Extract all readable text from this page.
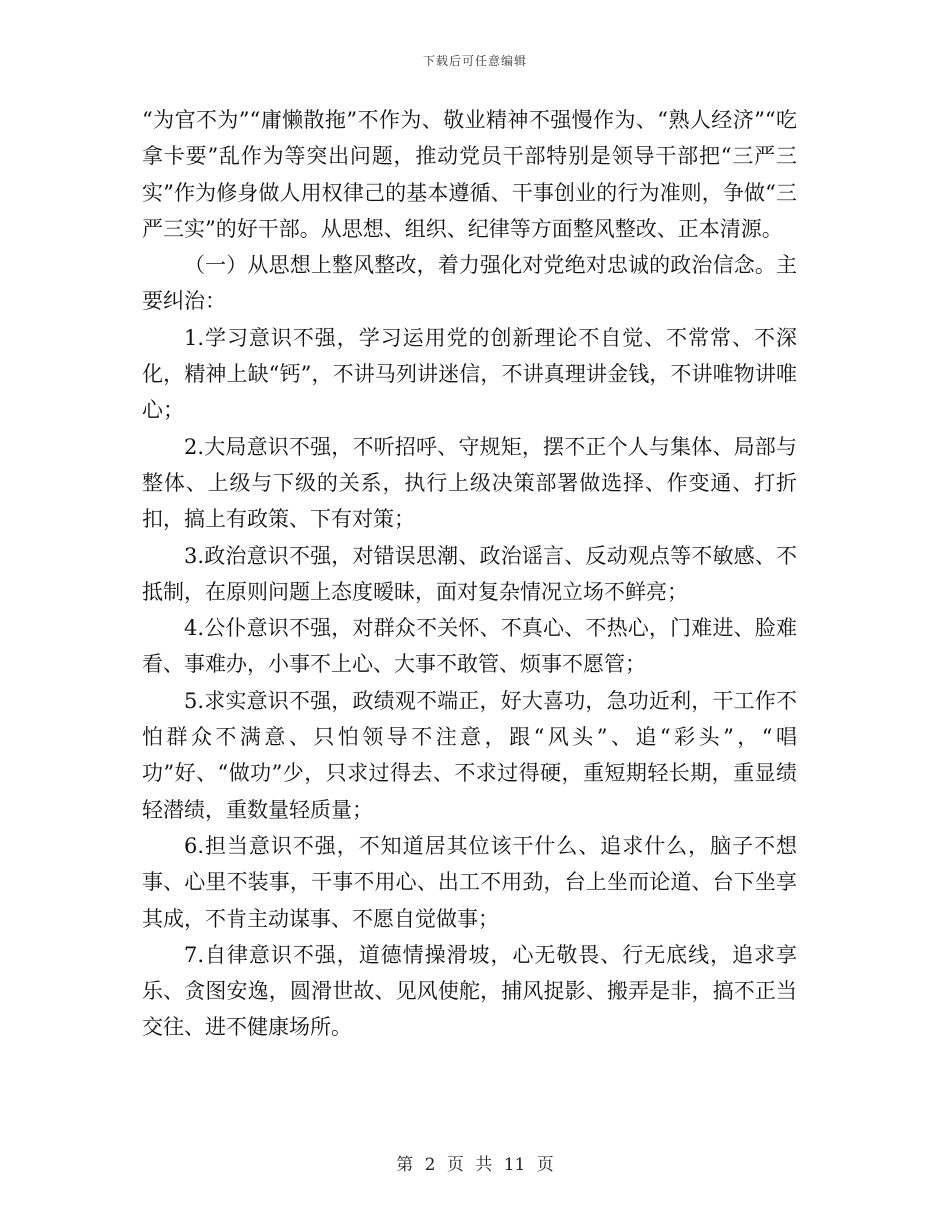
下载后可任意编辑

“为官不为”“庸懒散拖”不作为、敬业精神不强慢作为、“熟人经济”“吃拿卡要”乱作为等突出问题，推动党员干部特别是领导干部把“三严三实”作为修身做人用权律己的基本遵循、干事创业的行为准则，争做“三严三实”的好干部。从思想、组织、纪律等方面整风整改、正本清源。

（一）从思想上整风整改，着力强化对党绝对忠诚的政治信念。主要纠治：

1.学习意识不强，学习运用党的创新理论不自觉、不常常、不深化，精神上缺“钙”，不讲马列讲迷信，不讲真理讲金钱，不讲唯物讲唯心；

2.大局意识不强，不听招呼、守规矩，摆不正个人与集体、局部与整体、上级与下级的关系，执行上级决策部署做选择、作变通、打折扣，搞上有政策、下有对策；

3.政治意识不强，对错误思潮、政治谣言、反动观点等不敏感、不抵制，在原则问题上态度暧昧，面对复杂情况立场不鲜亮；

4.公仆意识不强，对群众不关怀、不真心、不热心，门难进、脸难看、事难办，小事不上心、大事不敢管、烦事不愿管；

5.求实意识不强，政绩观不端正，好大喜功，急功近利，干工作不怕群众不满意、只怕领导不注意，跟“风头”、追“彩头”，“唱功”好、“做功”少，只求过得去、不求过得硬，重短期轻长期，重显绩轻潜绩，重数量轻质量；

6.担当意识不强，不知道居其位该干什么、追求什么，脑子不想事、心里不装事，干事不用心、出工不用劲，台上坐而论道、台下坐享其成，不肯主动谋事、不愿自觉做事；

7.自律意识不强，道德情操滑坡，心无敬畏、行无底线，追求享乐、贪图安逸，圆滑世故、见风使舵，捕风捉影、搬弄是非，搞不正当交往、进不健康场所。

第 2 页 共 11 页
